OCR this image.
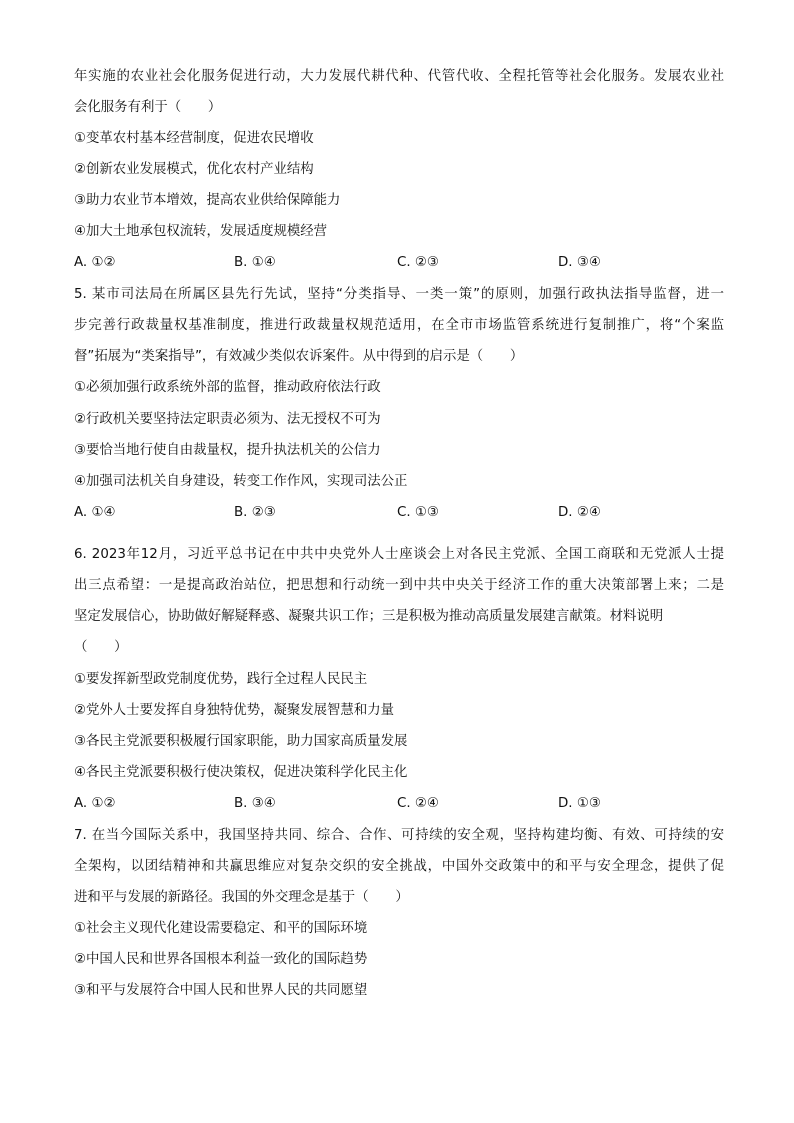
年实施的农业社会化服务促进行动，大力发展代耕代种、代管代收、全程托管等社会化服务。发展农业社
会化服务有利于（　　）
①变革农村基本经营制度，促进农民增收
②创新农业发展模式，优化农村产业结构
③助力农业节本增效，提高农业供给保障能力
④加大土地承包权流转，发展适度规模经营
A. ①②	B. ①④	C. ②③	D. ③④
5. 某市司法局在所属区县先行先试，坚持“分类指导、一类一策”的原则，加强行政执法指导监督，进一
步完善行政裁量权基准制度，推进行政裁量权规范适用，在全市市场监管系统进行复制推广，将“个案监
督”拓展为“类案指导”，有效减少类似农诉案件。从中得到的启示是（　　）
①必须加强行政系统外部的监督，推动政府依法行政
②行政机关要坚持法定职责必须为、法无授权不可为
③要恰当地行使自由裁量权，提升执法机关的公信力
④加强司法机关自身建设，转变工作作风，实现司法公正
A. ①④	B. ②③	C. ①③	D. ②④
6. 2023年12月，习近平总书记在中共中央党外人士座谈会上对各民主党派、全国工商联和无党派人士提
出三点希望：一是提高政治站位，把思想和行动统一到中共中央关于经济工作的重大决策部署上来；二是
坚定发展信心，协助做好解疑释惑、凝聚共识工作；三是积极为推动高质量发展建言献策。材料说明
（　　）
①要发挥新型政党制度优势，践行全过程人民民主
②党外人士要发挥自身独特优势，凝聚发展智慧和力量
③各民主党派要积极履行国家职能，助力国家高质量发展
④各民主党派要积极行使决策权，促进决策科学化民主化
A. ①②	B. ③④	C. ②④	D. ①③
7. 在当今国际关系中，我国坚持共同、综合、合作、可持续的安全观，坚持构建均衡、有效、可持续的安
全架构，以团结精神和共赢思维应对复杂交织的安全挑战，中国外交政策中的和平与安全理念，提供了促
进和平与发展的新路径。我国的外交理念是基于（　　）
①社会主义现代化建设需要稳定、和平的国际环境
②中国人民和世界各国根本利益一致化的国际趋势
③和平与发展符合中国人民和世界人民的共同愿望
